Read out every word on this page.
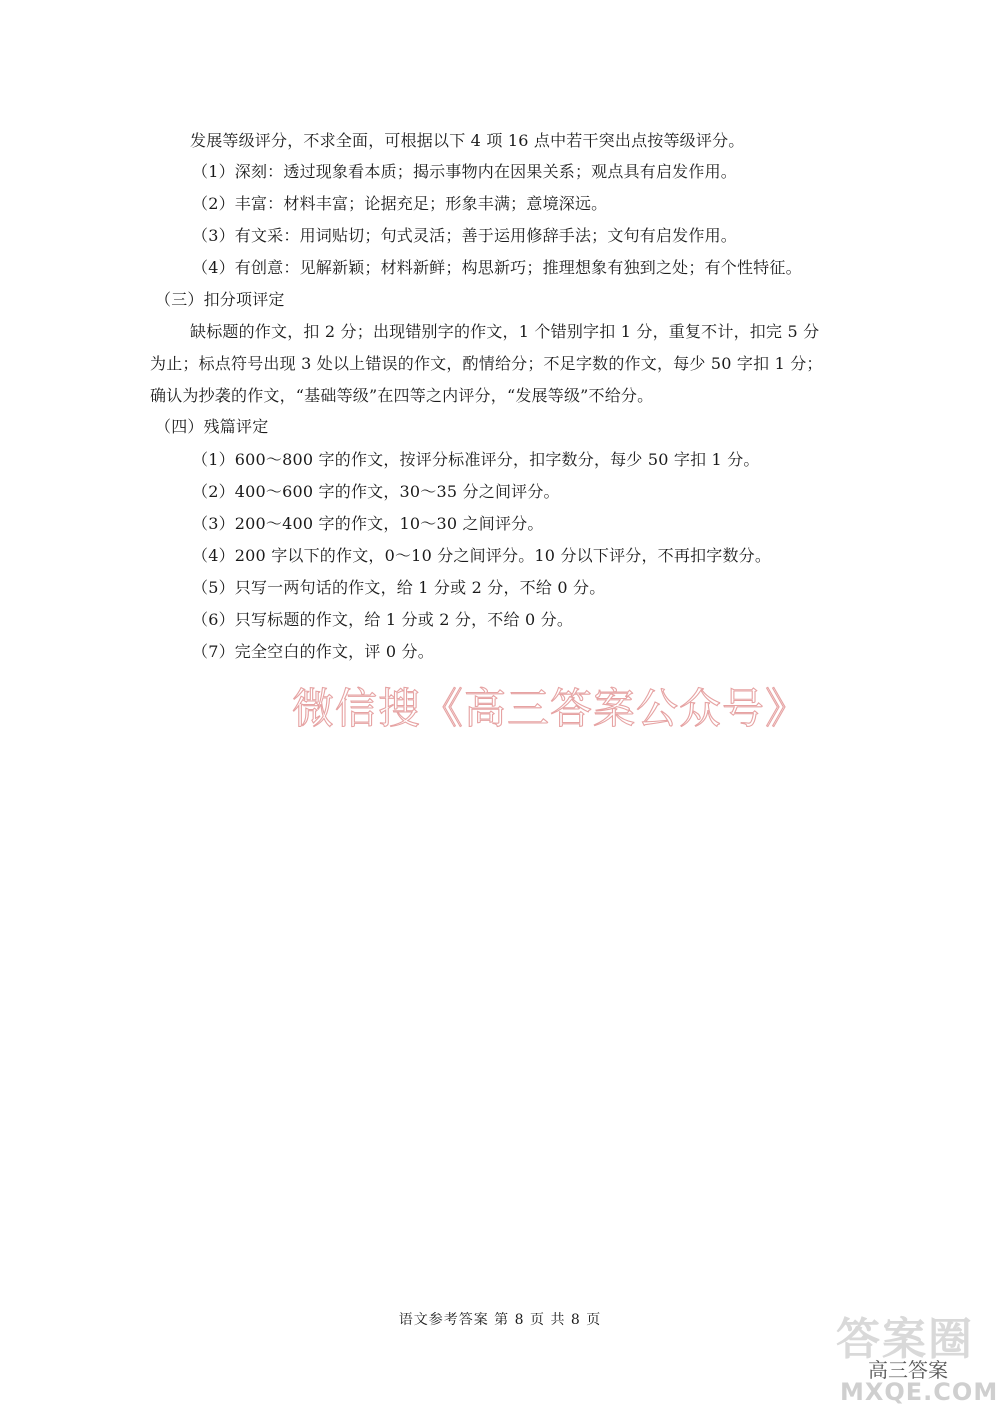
发展等级评分，不求全面，可根据以下 4 项 16 点中若干突出点按等级评分。
（1）深刻：透过现象看本质；揭示事物内在因果关系；观点具有启发作用。
（2）丰富：材料丰富；论据充足；形象丰满；意境深远。
（3）有文采：用词贴切；句式灵活；善于运用修辞手法；文句有启发作用。
（4）有创意：见解新颖；材料新鲜；构思新巧；推理想象有独到之处；有个性特征。
（三）扣分项评定
缺标题的作文，扣 2 分；出现错别字的作文，1 个错别字扣 1 分，重复不计，扣完 5 分
为止；标点符号出现 3 处以上错误的作文，酌情给分；不足字数的作文，每少 50 字扣 1 分；
确认为抄袭的作文，“基础等级”在四等之内评分，“发展等级”不给分。
（四）残篇评定
（1）600～800 字的作文，按评分标准评分，扣字数分，每少 50 字扣 1 分。
（2）400～600 字的作文，30～35 分之间评分。
（3）200～400 字的作文，10～30 之间评分。
（4）200 字以下的作文，0～10 分之间评分。10 分以下评分，不再扣字数分。
（5）只写一两句话的作文，给 1 分或 2 分，不给 0 分。
（6）只写标题的作文，给 1 分或 2 分，不给 0 分。
（7）完全空白的作文，评 0 分。
微信搜《高三答案公众号》
语文参考答案 第 8 页 共 8 页	答案圈
高三答案
MXQE.COM
